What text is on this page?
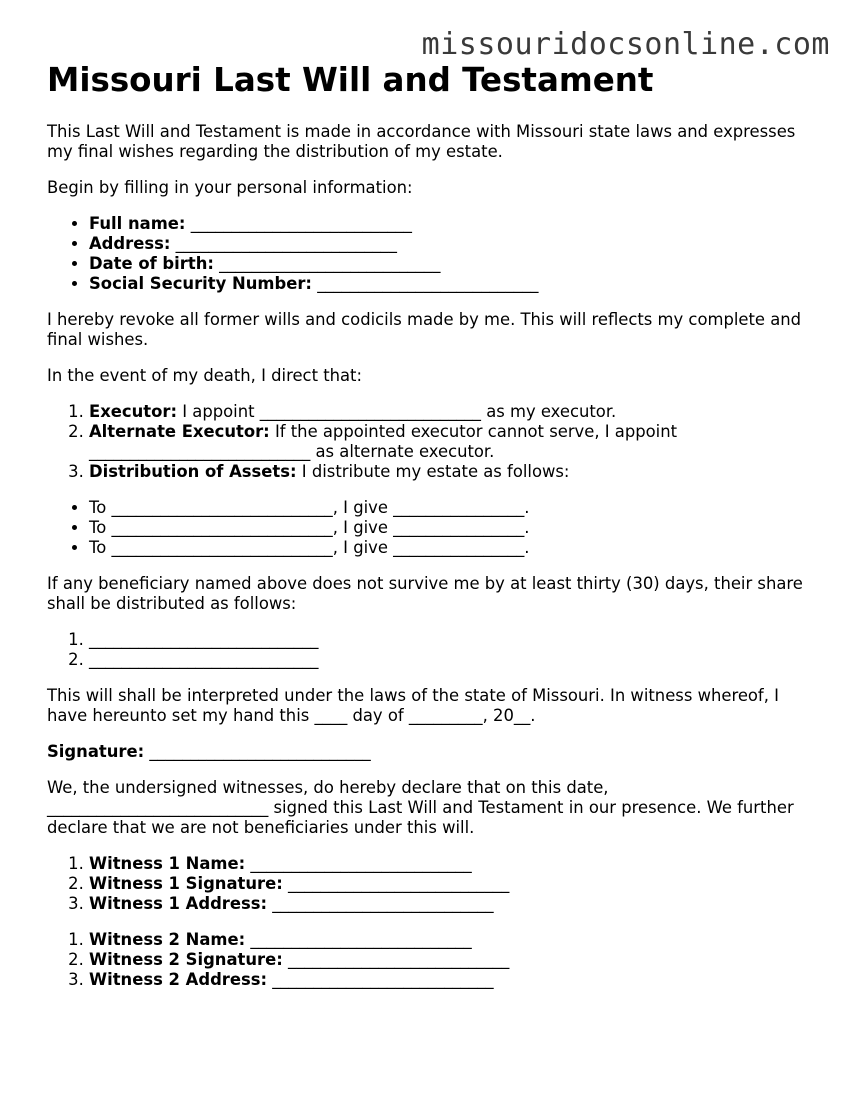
missouridocsonline.com
Missouri Last Will and Testament

This Last Will and Testament is made in accordance with Missouri state laws and expresses my final wishes regarding the distribution of my estate.

Begin by filling in your personal information:

• Full name: ___________________________
• Address: ___________________________
• Date of birth: ___________________________
• Social Security Number: ___________________________

I hereby revoke all former wills and codicils made by me. This will reflects my complete and final wishes.

In the event of my death, I direct that:

1. Executor: I appoint ___________________________ as my executor.
2. Alternate Executor: If the appointed executor cannot serve, I appoint ___________________________ as alternate executor.
3. Distribution of Assets: I distribute my estate as follows:
• To ___________________________, I give ________________.
• To ___________________________, I give ________________.
• To ___________________________, I give ________________.

If any beneficiary named above does not survive me by at least thirty (30) days, their share shall be distributed as follows:

1. ____________________________
2. ____________________________

This will shall be interpreted under the laws of the state of Missouri. In witness whereof, I have hereunto set my hand this ____ day of _________, 20__.

Signature: ___________________________

We, the undersigned witnesses, do hereby declare that on this date, ___________________________ signed this Last Will and Testament in our presence. We further declare that we are not beneficiaries under this will.

1. Witness 1 Name: ___________________________
2. Witness 1 Signature: ___________________________
3. Witness 1 Address: ___________________________
1. Witness 2 Name: ___________________________
2. Witness 2 Signature: ___________________________
3. Witness 2 Address: ___________________________
